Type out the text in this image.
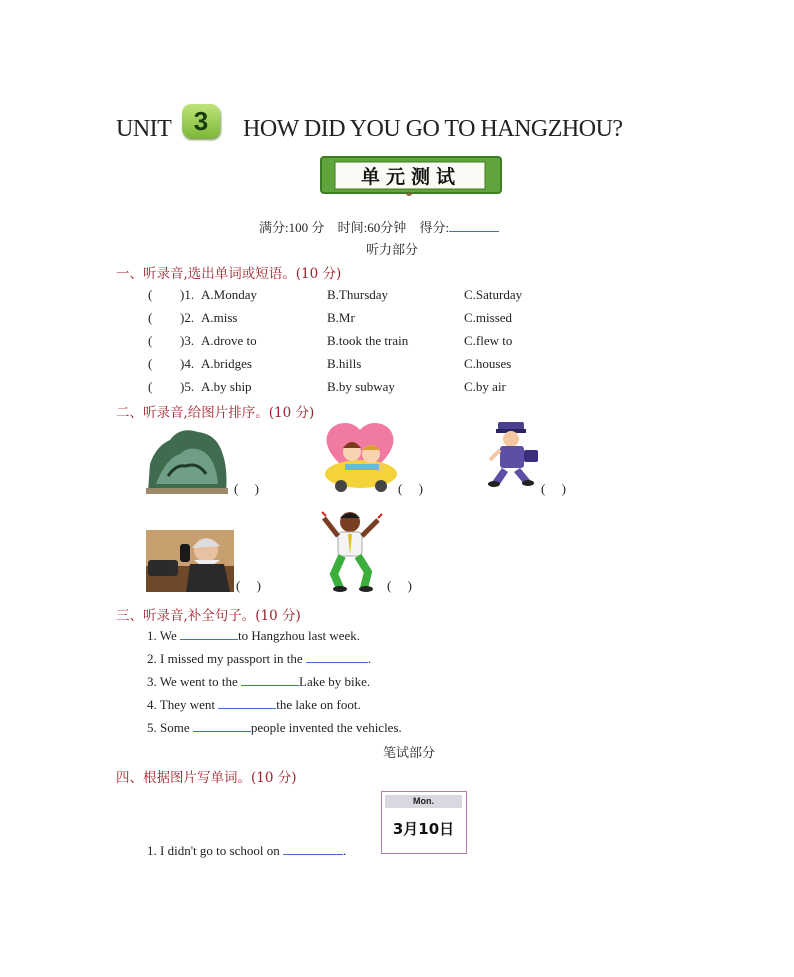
UNIT 3	HOW DID YOU GO TO HANGZHOU?
单元测试
满分:100 分 时间:60分钟 得分:
听力部分
一、听录音,选出单词或短语。(10 分)
( )1. A.Monday	B.Thursday	C.Saturday
( )2. A.miss	B.Mr	C.missed
( )3. A.drove to	B.took the train	C.flew to
( )4. A.bridges	B.hills	C.houses
( )5. A.by ship	B.by subway	C.by air
二、听录音,给图片排序。(10 分)
(     )	(     )	(     )
(     )	(     )
三、听录音,补全句子。(10 分)
1. We	to Hangzhou last week.
2. I missed my passport in the	.
3. We went to the	Lake by bike.
4. They went	the lake on foot.
5. Some	people invented the vehicles.
笔试部分
四、根据图片写单词。(10 分)
Mon.
3月10日
1. I didn't go to school on	.
